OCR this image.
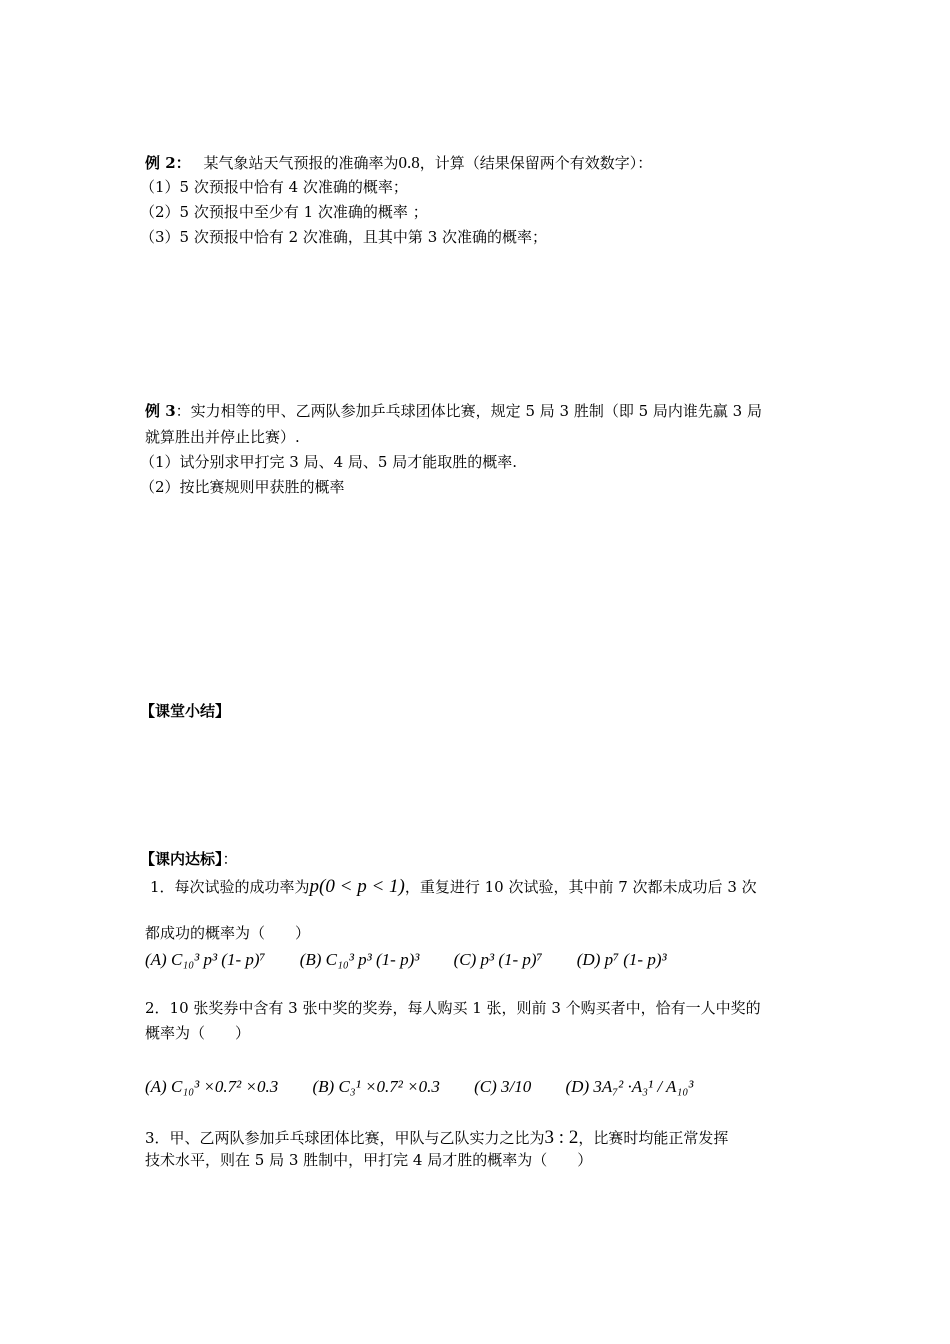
例 2： 某气象站天气预报的准确率为0.8，计算（结果保留两个有效数字）：
（1）5 次预报中恰有 4 次准确的概率；
（2）5 次预报中至少有 1 次准确的概率 ；
（3）5 次预报中恰有 2 次准确，且其中第 3 次准确的概率；
例 3：实力相等的甲、乙两队参加乒乓球团体比赛，规定 5 局 3 胜制（即 5 局内谁先赢 3 局
就算胜出并停止比赛）.
（1）试分别求甲打完 3 局、4 局、5 局才能取胜的概率.
（2）按比赛规则甲获胜的概率
【课堂小结】
【课内达标】：
1．每次试验的成功率为p(0 < p < 1)，重复进行 10 次试验，其中前 7 次都未成功后 3 次
都成功的概率为（　　）
(A) C₁₀³ p³ (1- p)⁷ (B) C₁₀³ p³ (1- p)³ (C) p³ (1- p)⁷ (D) p⁷ (1- p)³
2．10 张奖券中含有 3 张中奖的奖券，每人购买 1 张，则前 3 个购买者中，恰有一人中奖的
概率为（　　）
(A) C₁₀³ ×0.7² ×0.3 (B) C₃¹ ×0.7² ×0.3 (C) 3/10 (D) 3A₇² ·A₃¹ / A₁₀³
3．甲、乙两队参加乒乓球团体比赛，甲队与乙队实力之比为3 : 2，比赛时均能正常发挥
技术水平，则在 5 局 3 胜制中，甲打完 4 局才胜的概率为（　　）
